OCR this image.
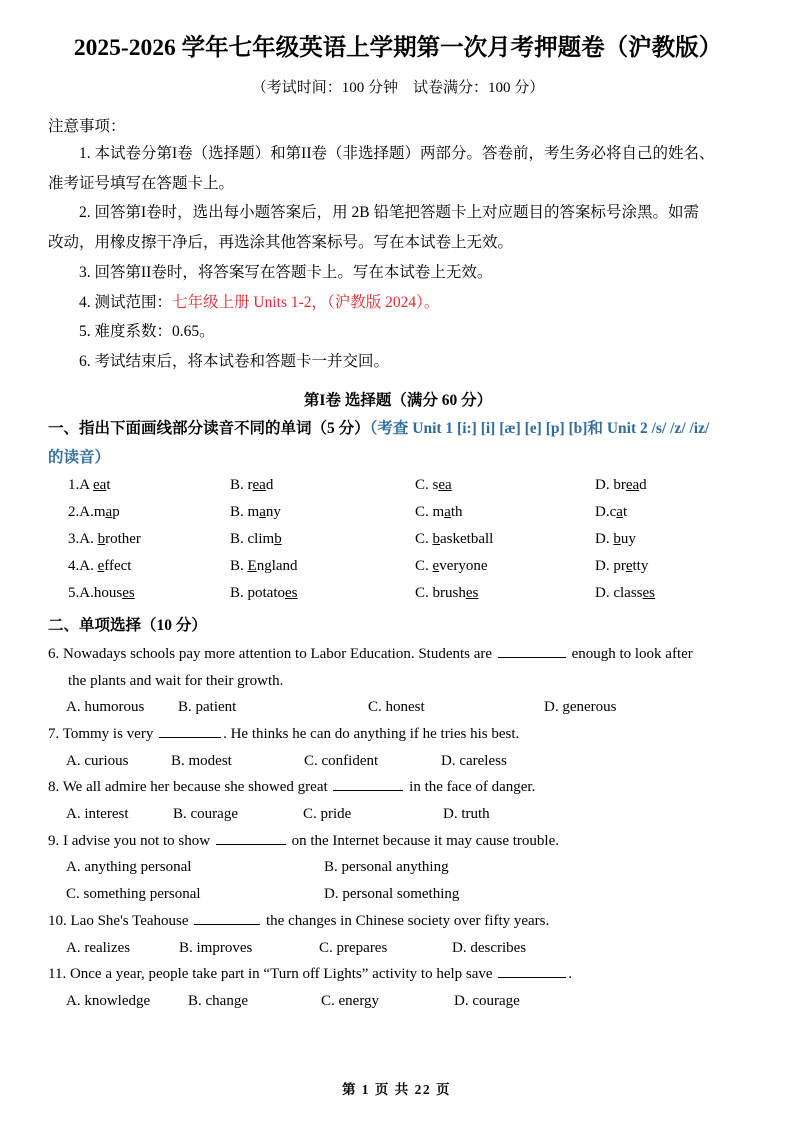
2025-2026 学年七年级英语上学期第一次月考押题卷（沪教版）
（考试时间：100 分钟　试卷满分：100 分）
注意事项：
1. 本试卷分第I卷（选择题）和第II卷（非选择题）两部分。答卷前，考生务必将自己的姓名、
准考证号填写在答题卡上。
2. 回答第I卷时，选出每小题答案后，用 2B 铅笔把答题卡上对应题目的答案标号涂黑。如需
改动，用橡皮擦干净后，再选涂其他答案标号。写在本试卷上无效。
3. 回答第II卷时，将答案写在答题卡上。写在本试卷上无效。
4. 测试范围：七年级上册 Units 1-2，（沪教版 2024）。
5. 难度系数：0.65。
6. 考试结束后，将本试卷和答题卡一并交回。
第I卷 选择题（满分 60 分）
一、指出下面画线部分读音不同的单词（5 分）（考查 Unit 1 [i:] [i] [æ] [e] [p] [b]和 Unit 2 /s/ /z/ /iz/
的读音）
1.A eat	B. read	C. sea	D. bread
2.A.map	B. many	C. math	D.cat
3.A. brother	B. climb	C. basketball	D. buy
4.A. effect	B. England	C. everyone	D. pretty
5.A.houses	B. potatoes	C. brushes	D. classes
二、单项选择（10 分）
6. Nowadays schools pay more attention to Labor Education. Students are	enough to look after
the plants and wait for their growth.
A. humorous	B. patient	C. honest	D. generous
7. Tommy is very	. He thinks he can do anything if he tries his best.
A. curious	B. modest	C. confident	D. careless
8. We all admire her because she showed great	in the face of danger.
A. interest	B. courage	C. pride	D. truth
9. I advise you not to show	on the Internet because it may cause trouble.
A. anything personal	B. personal anything
C. something personal	D. personal something
10. Lao She's Teahouse	the changes in Chinese society over fifty years.
A. realizes	B. improves	C. prepares	D. describes
11. Once a year, people take part in “Turn off Lights” activity to help save	.
A. knowledge	B. change	C. energy	D. courage
第 1 页 共 22 页
